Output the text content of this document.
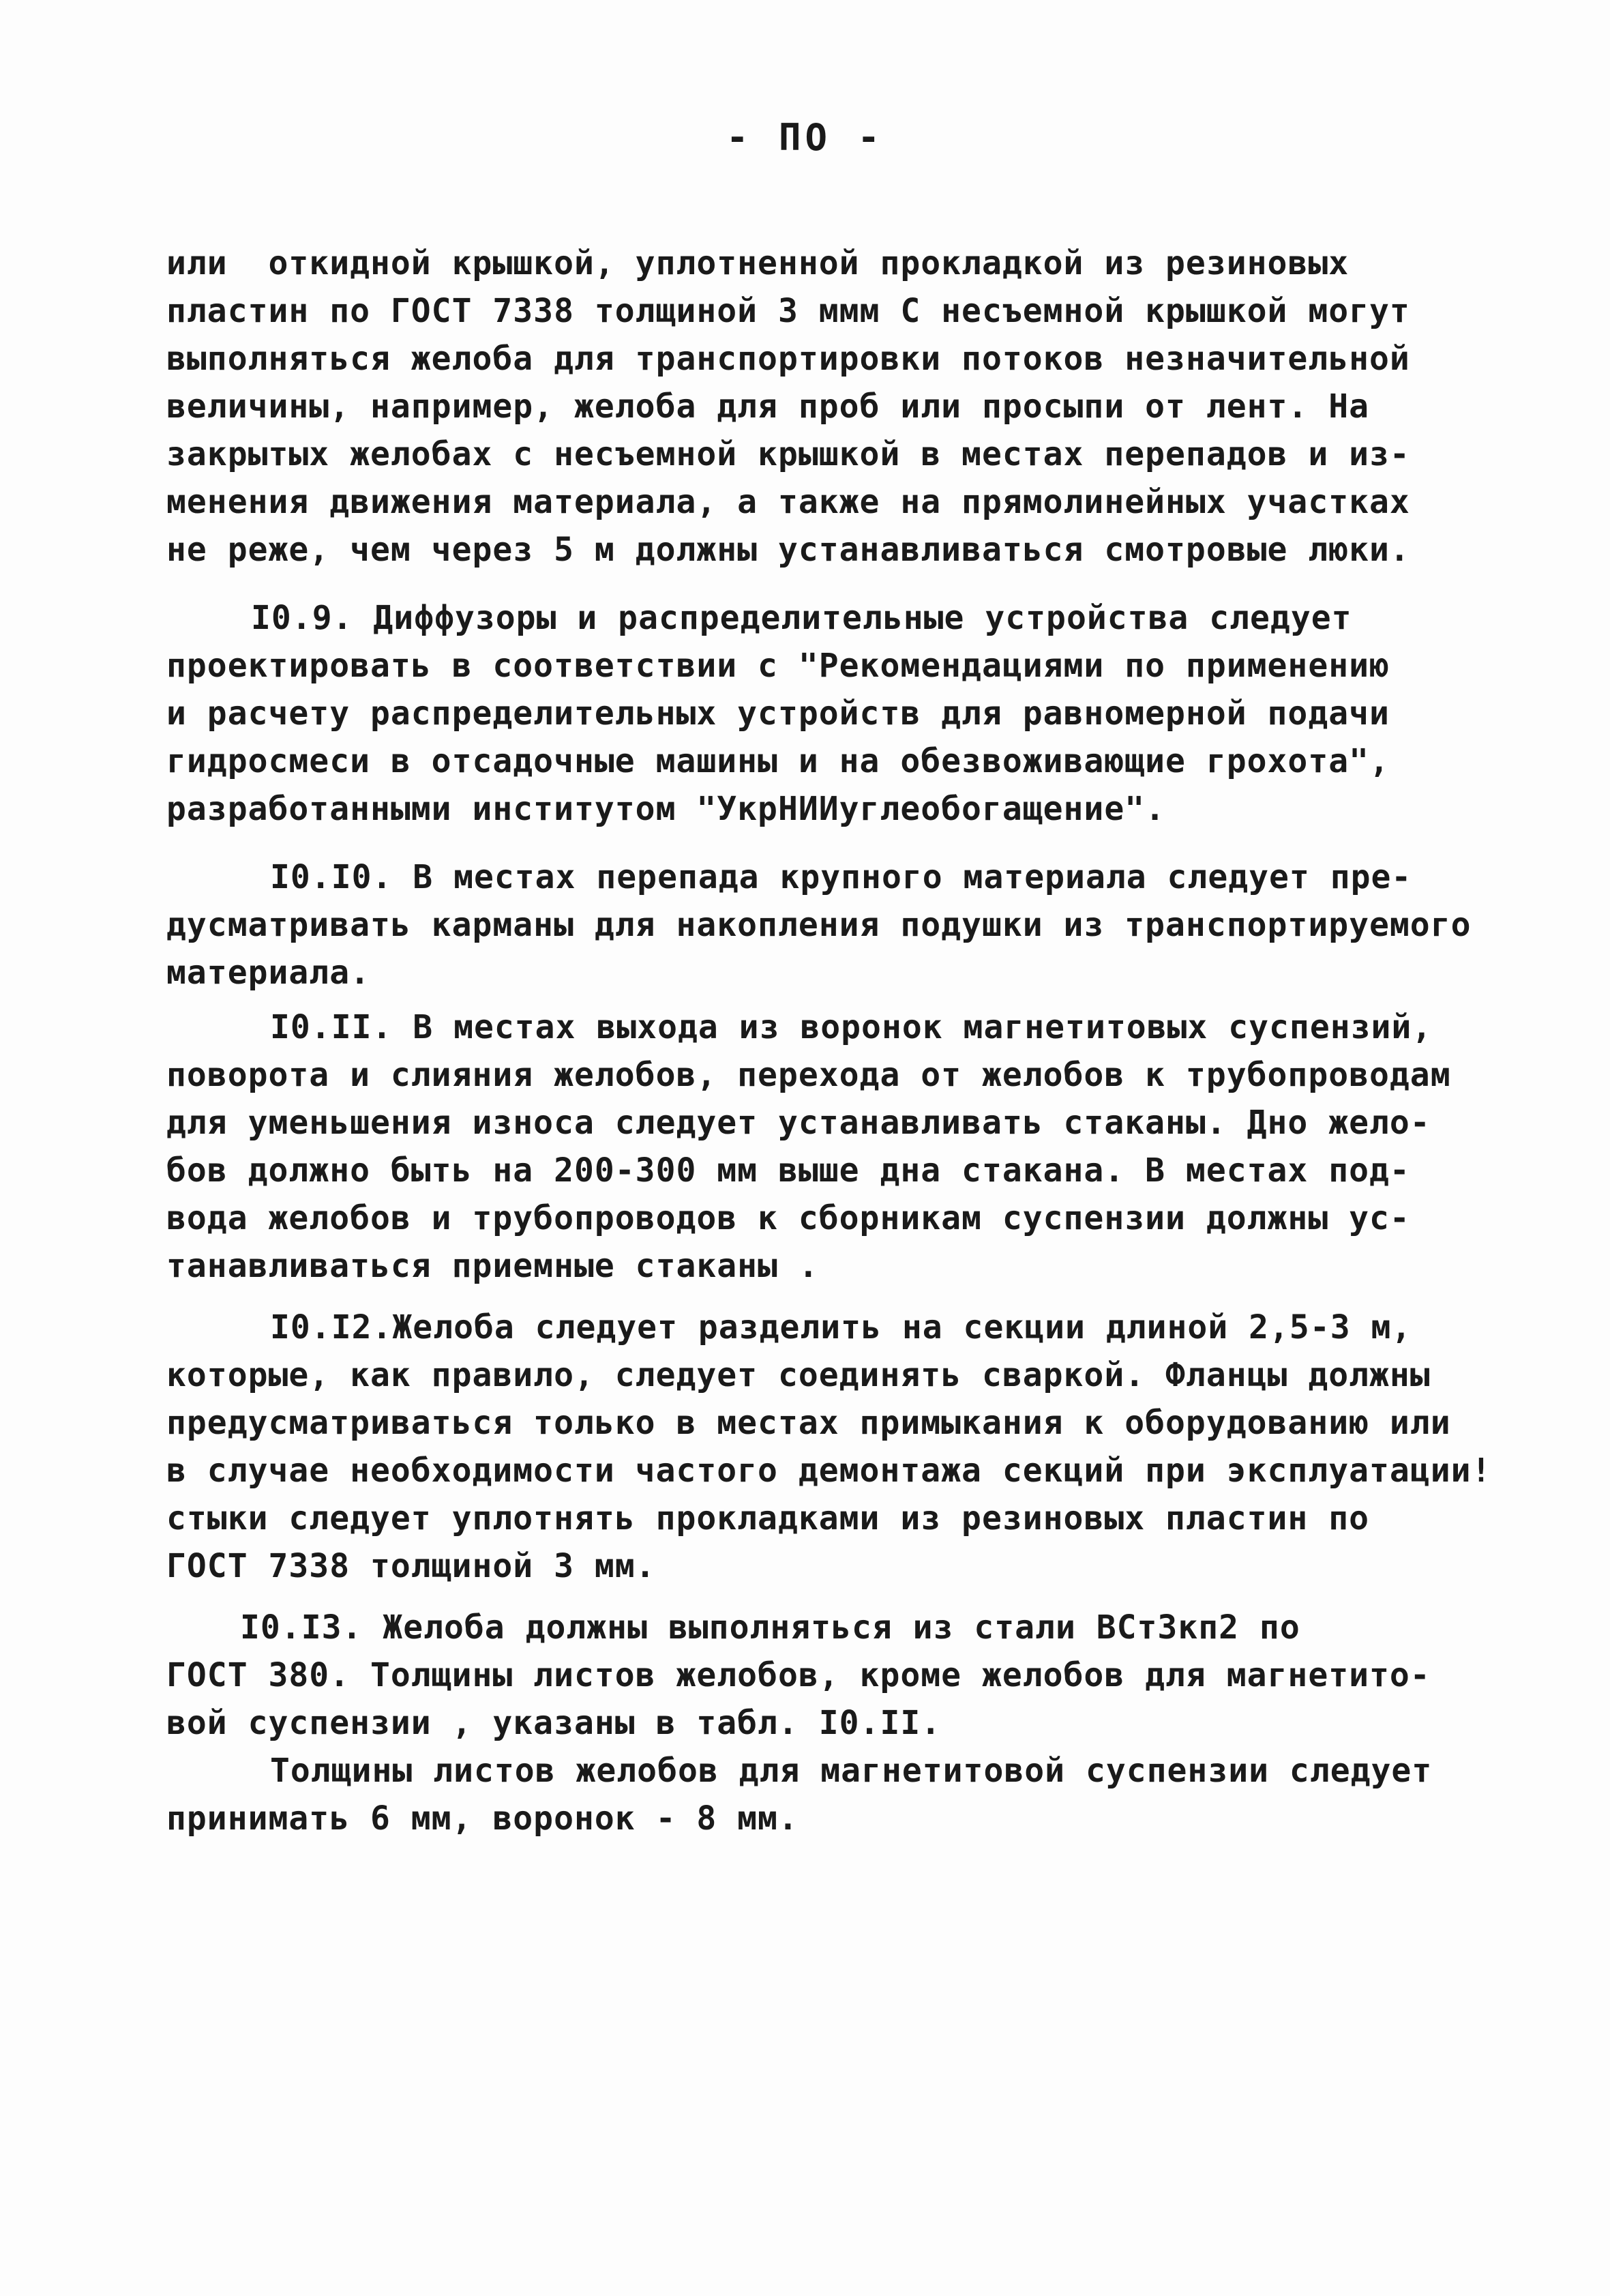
- ПО -
или  откидной крышкой, уплотненной прокладкой из резиновых
пластин по ГОСТ 7338 толщиной 3 ммм С несъемной крышкой могут
выполняться желоба для транспортировки потоков незначительной
величины, например, желоба для проб или просыпи от лент. На
закрытых желобах с несъемной крышкой в местах перепадов и из-
менения движения материала, а также на прямолинейных участках
не реже, чем через 5 м должны устанавливаться смотровые люки.
I0.9. Диффузоры и распределительные устройства следует
проектировать в соответствии с "Рекомендациями по применению
и расчету распределительных устройств для равномерной подачи
гидросмеси в отсадочные машины и на обезвоживающие грохота",
разработанными институтом "УкрНИИуглеобогащение".
I0.I0. В местах перепада крупного материала следует пре-
дусматривать карманы для накопления подушки из транспортируемого
материала.
I0.II. В местах выхода из воронок магнетитовых суспензий,
поворота и слияния желобов, перехода от желобов к трубопроводам
для уменьшения износа следует устанавливать стаканы. Дно жело-
бов должно быть на 200-300 мм выше дна стакана. В местах под-
вода желобов и трубопроводов к сборникам суспензии должны ус-
танавливаться приемные стаканы .
I0.I2.Желоба следует разделить на секции длиной 2,5-3 м,
которые, как правило, следует соединять сваркой. Фланцы должны
предусматриваться только в местах примыкания к оборудованию или
в случае необходимости частого демонтажа секций при эксплуатации!
стыки следует уплотнять прокладками из резиновых пластин по
ГОСТ 7338 толщиной 3 мм.
I0.I3. Желоба должны выполняться из стали ВСт3кп2 по
ГОСТ 380. Толщины листов желобов, кроме желобов для магнетито-
вой суспензии , указаны в табл. I0.II.
Толщины листов желобов для магнетитовой суспензии следует
принимать 6 мм, воронок - 8 мм.
